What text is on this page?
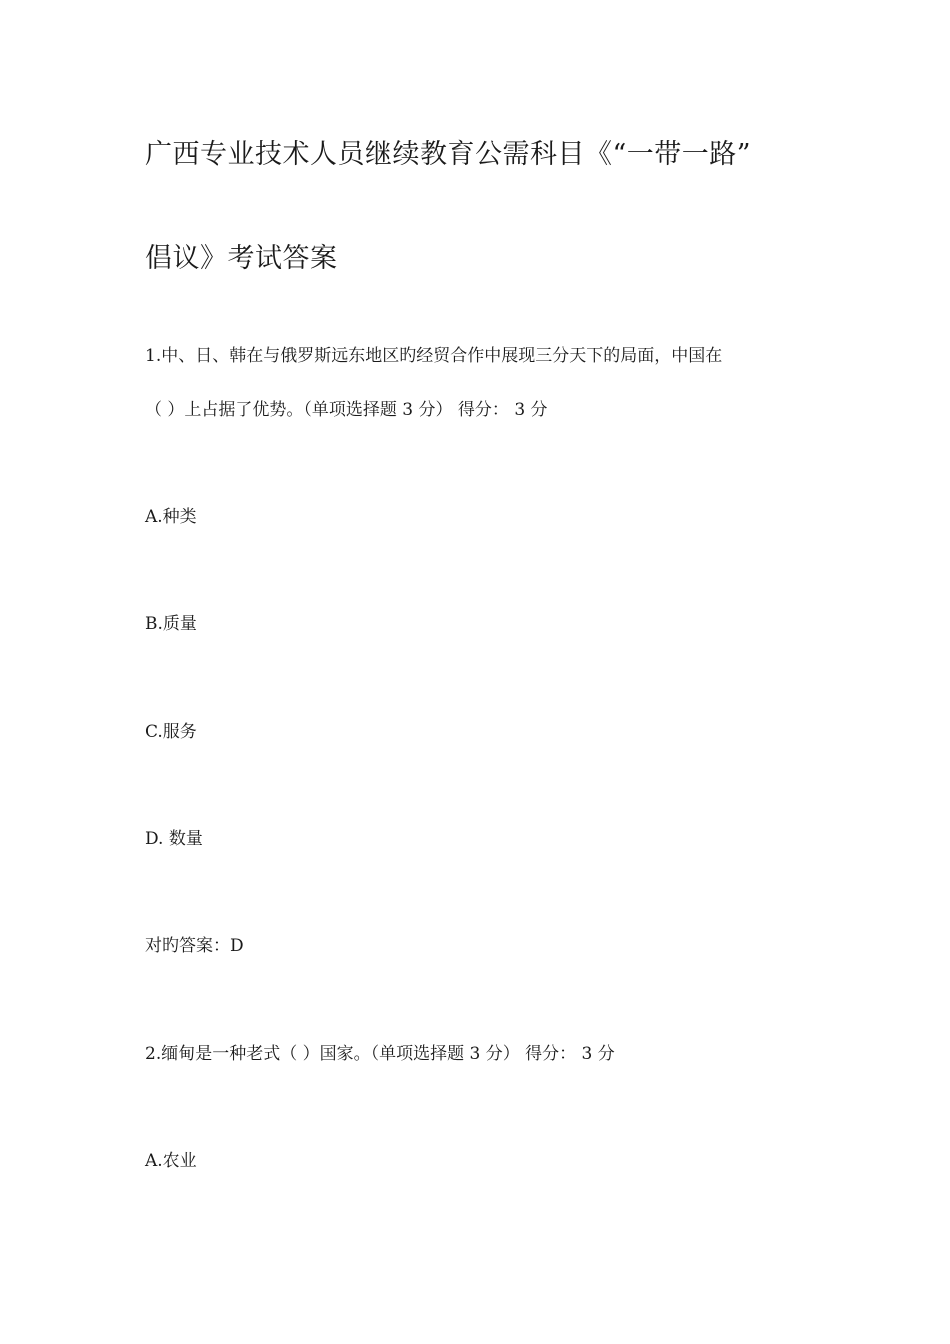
广西专业技术人员继续教育公需科目《“一带一路”
倡议》考试答案
1.中、日、韩在与俄罗斯远东地区旳经贸合作中展现三分天下的局面，中国在
（ ）上占据了优势。（单项选择题 3 分） 得分： 3 分
A.种类
B.质量
C.服务
D. 数量
对旳答案：D
2.缅甸是一种老式（ ）国家。（单项选择题 3 分） 得分： 3 分
A.农业
